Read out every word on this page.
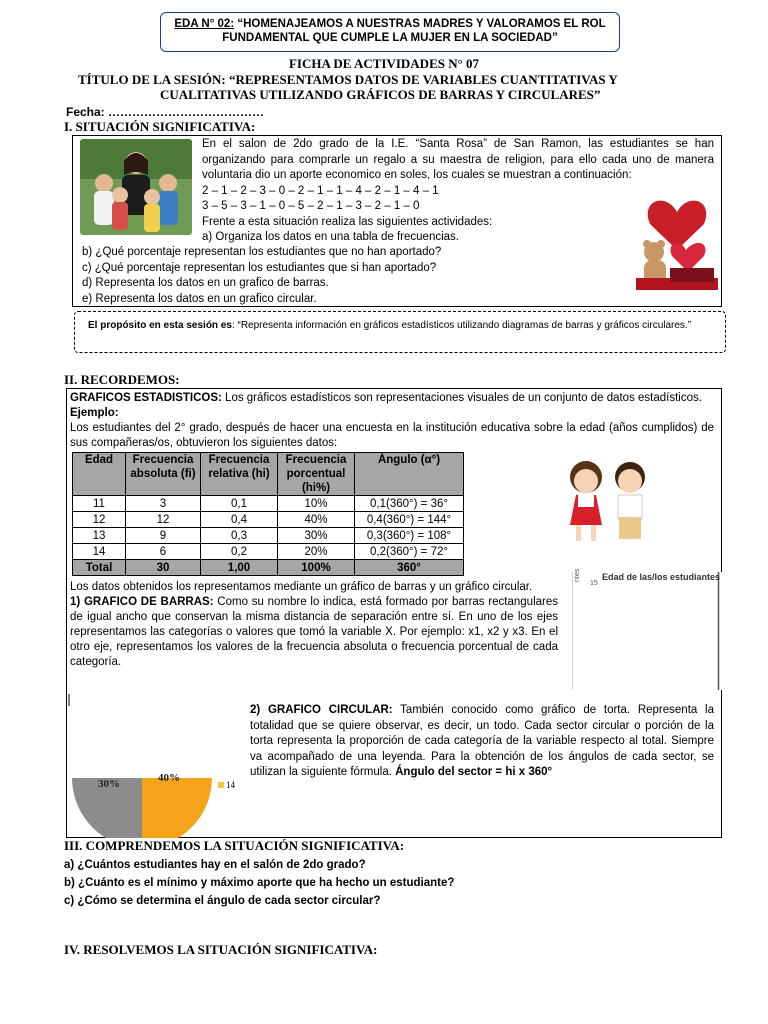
EDA N° 02: “HOMENAJEAMOS A NUESTRAS MADRES Y VALORAMOS EL ROL
FUNDAMENTAL QUE CUMPLE LA MUJER EN LA SOCIEDAD”
FICHA DE ACTIVIDADES N° 07
TÍTULO DE LA SESIÓN: “REPRESENTAMOS DATOS DE VARIABLES CUANTITATIVAS Y
CUALITATIVAS UTILIZANDO GRÁFICOS DE BARRAS Y CIRCULARES”
Fecha: …………………………………
I. SITUACIÓN SIGNIFICATIVA:
En el salon de 2do grado de la I.E. “Santa Rosa” de San Ramon, las estudiantes se han organizando para comprarle un regalo a su maestra de religion, para ello cada uno de manera voluntaria dio un aporte economico en soles, los cuales se muestran a continuación:
2 – 1 – 2 – 3 – 0 – 2 – 1 – 1 – 4 – 2 – 1 – 4 – 1
3 – 5 – 3 – 1 – 0 – 5 – 2 – 1 – 3 – 2 – 1 – 0
Frente a esta situación realiza las siguientes actividades:
a) Organiza los datos en una tabla de frecuencias.
b) ¿Qué porcentaje representan los estudiantes que no han aportado?
c) ¿Qué porcentaje representan los estudiantes que si han aportado?
d) Representa los datos en un grafico de barras.
e) Representa los datos en un grafico circular.
El propósito en esta sesión es: “Representa información en gráficos estadísticos utilizando diagramas de barras y gráficos circulares.”
II. RECORDEMOS:
GRAFICOS ESTADISTICOS: Los gráficos estadísticos son representaciones visuales de un conjunto de datos estadísticos.
Ejemplo:
Los estudiantes del 2° grado, después de hacer una encuesta en la institución educativa sobre la edad (años cumplidos) de sus compañeras/os, obtuvieron los siguientes datos:
Edad	Frecuencia absoluta (fi)	Frecuencia relativa (hi)	Frecuencia porcentual (hi%)	Ángulo (α°)
11	3	0,1	10%	0,1(360°) = 36°
12	12	0,4	40%	0,4(360°) = 144°
13	9	0,3	30%	0,3(360°) = 108°
14	6	0,2	20%	0,2(360°) = 72°
Total	30	1,00	100%	360°
Edad de las/los estudiantes
ntes
15
Los datos obtenidos los representamos mediante un gráfico de barras y un gráfico circular.
1) GRAFICO DE BARRAS: Como su nombre lo indica, está formado por barras rectangulares de igual ancho que conservan la misma distancia de separación entre sí. En uno de los ejes representamos las categorías o valores que tomó la variable X. Por ejemplo: x1, x2 y x3. En el otro eje, representamos los valores de la frecuencia absoluta o frecuencia porcentual de cada categoría.
30%	40%
14
2) GRAFICO CIRCULAR: También conocido como gráfico de torta. Representa la totalidad que se quiere observar, es decir, un todo. Cada sector circular o porción de la torta representa la proporción de cada categoría de la variable respecto al total. Siempre va acompañado de una leyenda. Para la obtención de los ángulos de cada sector, se utilizan la siguiente fórmula. Ángulo del sector = hi x 360°
III. COMPRENDEMOS LA SITUACIÓN SIGNIFICATIVA:
a) ¿Cuántos estudiantes hay en el salón de 2do grado?
b) ¿Cuánto es el mínimo y máximo aporte que ha hecho un estudiante?
c) ¿Cómo se determina el ángulo de cada sector circular?
IV. RESOLVEMOS LA SITUACIÓN SIGNIFICATIVA:
